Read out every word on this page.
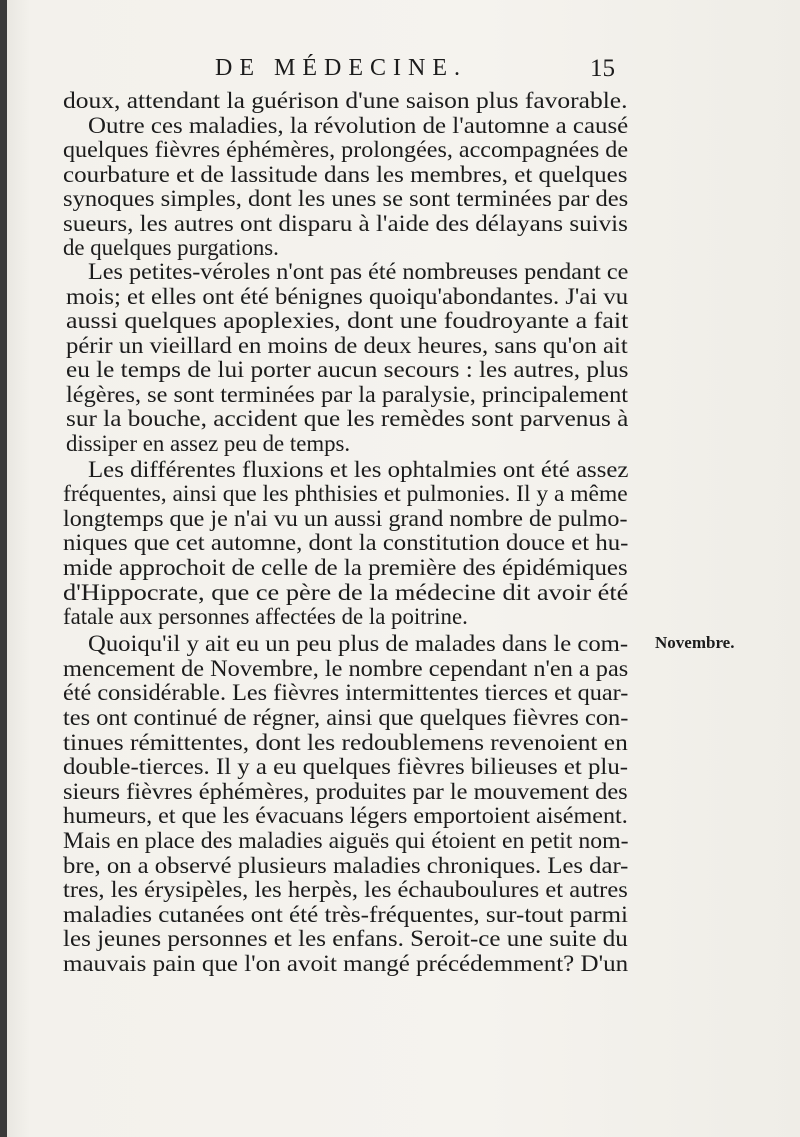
DE MÉDECINE.	15
doux, attendant la guérison d'une saison plus favorable.
Outre ces maladies, la révolution de l'automne a causé
quelques fièvres éphémères, prolongées, accompagnées de
courbature et de lassitude dans les membres, et quelques
synoques simples, dont les unes se sont terminées par des
sueurs, les autres ont disparu à l'aide des délayans suivis
de quelques purgations.
Les petites-véroles n'ont pas été nombreuses pendant ce
mois; et elles ont été bénignes quoiqu'abondantes. J'ai vu
aussi quelques apoplexies, dont une foudroyante a fait
périr un vieillard en moins de deux heures, sans qu'on ait
eu le temps de lui porter aucun secours : les autres, plus
légères, se sont terminées par la paralysie, principalement
sur la bouche, accident que les remèdes sont parvenus à
dissiper en assez peu de temps.
Les différentes fluxions et les ophtalmies ont été assez
fréquentes, ainsi que les phthisies et pulmonies. Il y a même
longtemps que je n'ai vu un aussi grand nombre de pulmo-
niques que cet automne, dont la constitution douce et hu-
mide approchoit de celle de la première des épidémiques
d'Hippocrate, que ce père de la médecine dit avoir été
fatale aux personnes affectées de la poitrine.
Quoiqu'il y ait eu un peu plus de malades dans le com-
mencement de Novembre, le nombre cependant n'en a pas
été considérable. Les fièvres intermittentes tierces et quar-
tes ont continué de régner, ainsi que quelques fièvres con-
tinues rémittentes, dont les redoublemens revenoient en
double-tierces. Il y a eu quelques fièvres bilieuses et plu-
sieurs fièvres éphémères, produites par le mouvement des
humeurs, et que les évacuans légers emportoient aisément.
Mais en place des maladies aiguës qui étoient en petit nom-
bre, on a observé plusieurs maladies chroniques. Les dar-
tres, les érysipèles, les herpès, les échauboulures et autres
maladies cutanées ont été très-fréquentes, sur-tout parmi
les jeunes personnes et les enfans. Seroit-ce une suite du
mauvais pain que l'on avoit mangé précédemment? D'un
Novembre.
